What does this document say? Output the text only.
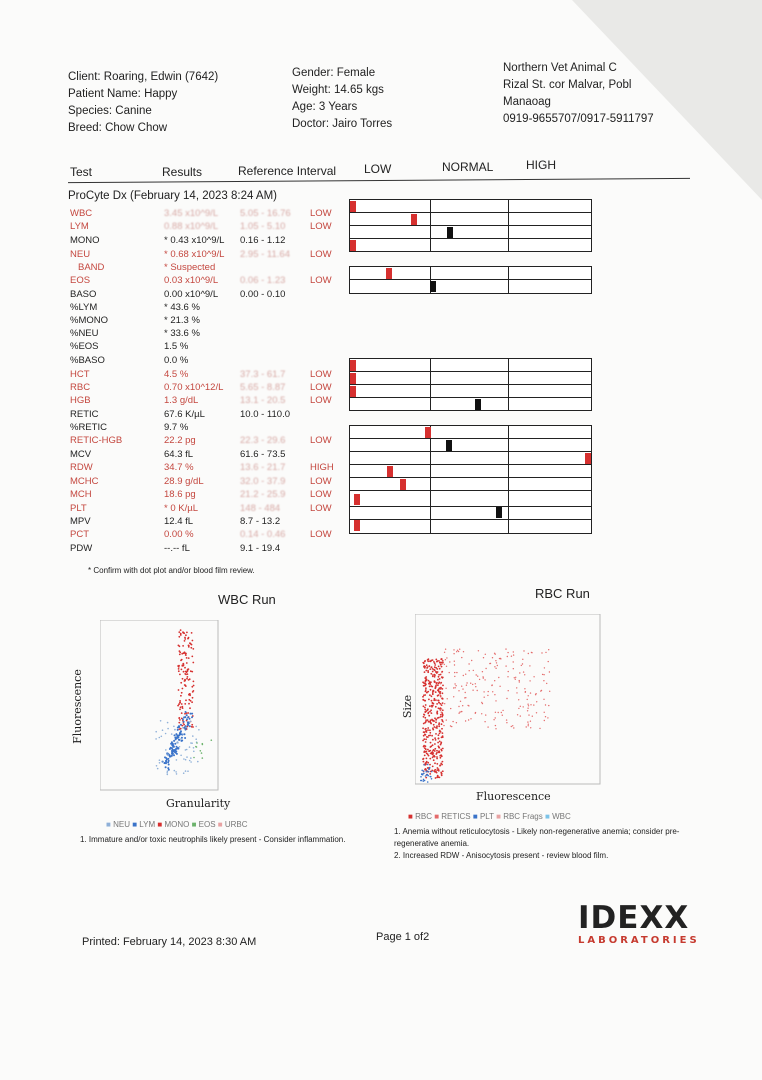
Client: Roaring, Edwin (7642)
Patient Name: Happy
Species: Canine
Breed: Chow Chow
Gender: Female
Weight: 14.65 kgs
Age: 3 Years
Doctor: Jairo Torres
Northern Vet Animal C
Rizal St. cor Malvar, Pobl
Manaoag
0919-9655707/0917-5911797
Test	Results	Reference Interval LOW	NORMAL	HIGH
ProCyte Dx (February 14, 2023 8:24 AM)
WBC	3.45 x10^9/L 5.05 - 16.76 LOW
LYM	0.88 x10^9/L 1.05 - 5.10	LOW
MONO	* 0.43 x10^9/L 0.16 - 1.12
NEU	* 0.68 x10^9/L 2.95 - 11.64 LOW
BAND	* Suspected
EOS	0.03 x10^9/L 0.06 - 1.23	LOW
BASO	0.00 x10^9/L 0.00 - 0.10
%LYM	* 43.6 %
%MONO	* 21.3 %
%NEU	* 33.6 %
%EOS	1.5 %
%BASO	0.0 %
HCT	4.5 %	37.3 - 61.7	LOW
RBC	0.70 x10^12/L 5.65 - 8.87	LOW
HGB	1.3 g/dL	13.1 - 20.5	LOW
RETIC	67.6 K/µL	10.0 - 110.0
%RETIC	9.7 %
RETIC-HGB	22.2 pg	22.3 - 29.6	LOW
MCV	64.3 fL	61.6 - 73.5
RDW	34.7 %	13.6 - 21.7	HIGH
MCHC	28.9 g/dL	32.0 - 37.9	LOW
MCH	18.6 pg	21.2 - 25.9	LOW
PLT	* 0 K/µL	148 - 484	LOW
MPV	12.4 fL	8.7 - 13.2
PCT	0.00 %	0.14 - 0.46	LOW
PDW	--.-- fL	9.1 - 19.4
* Confirm with dot plot and/or blood film review.
WBC Run
Fluorescence
Granularity
■ NEU ■ LYM ■ MONO ■ EOS ■ URBC
1. Immature and/or toxic neutrophils likely present - Consider inflammation.
RBC Run
Size
Fluorescence
■ RBC ■ RETICS ■ PLT ■ RBC Frags ■ WBC
1. Anemia without reticulocytosis - Likely non-regenerative anemia; consider pre-
regenerative anemia.
2. Increased RDW - Anisocytosis present - review blood film.
Printed: February 14, 2023 8:30 AM	Page 1 of2
IDEXX
LABORATORIES
